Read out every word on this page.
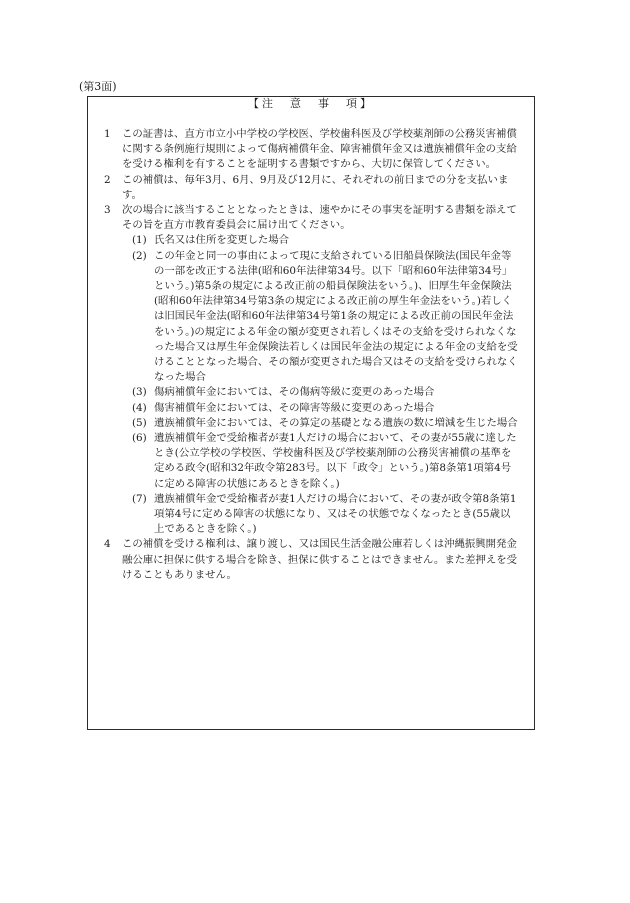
(第3面)
【注　意　事　項】
1 この証書は、直方市立小中学校の学校医、学校歯科医及び学校薬剤師の公務災害補償に関する条例施行規則によって傷病補償年金、障害補償年金又は遺族補償年金の支給を受ける権利を有することを証明する書類ですから、大切に保管してください。
2 この補償は、毎年3月、6月、9月及び12月に、それぞれの前日までの分を支払います。
3 次の場合に該当することとなったときは、速やかにその事実を証明する書類を添えてその旨を直方市教育委員会に届け出てください。
(1) 氏名又は住所を変更した場合
(2) この年金と同一の事由によって現に支給されている旧船員保険法(国民年金等の一部を改正する法律(昭和60年法律第34号。以下「昭和60年法律第34号」という。)第5条の規定による改正前の船員保険法をいう。)、旧厚生年金保険法(昭和60年法律第34号第3条の規定による改正前の厚生年金法をいう。)若しくは旧国民年金法(昭和60年法律第34号第1条の規定による改正前の国民年金法をいう。)の規定による年金の額が変更され若しくはその支給を受けられなくなった場合又は厚生年金保険法若しくは国民年金法の規定による年金の支給を受けることとなった場合、その額が変更された場合又はその支給を受けられなくなった場合
(3) 傷病補償年金においては、その傷病等級に変更のあった場合
(4) 傷害補償年金においては、その障害等級に変更のあった場合
(5) 遺族補償年金においては、その算定の基礎となる遺族の数に増減を生じた場合
(6) 遺族補償年金で受給権者が妻1人だけの場合において、その妻が55歳に達したとき(公立学校の学校医、学校歯科医及び学校薬剤師の公務災害補償の基準を定める政令(昭和32年政令第283号。以下「政令」という。)第8条第1項第4号に定める障害の状態にあるときを除く。)
(7) 遺族補償年金で受給権者が妻1人だけの場合において、その妻が政令第8条第1項第4号に定める障害の状態になり、又はその状態でなくなったとき(55歳以上であるときを除く。)
4 この補償を受ける権利は、譲り渡し、又は国民生活金融公庫若しくは沖縄振興開発金融公庫に担保に供する場合を除き、担保に供することはできません。また差押えを受けることもありません。
